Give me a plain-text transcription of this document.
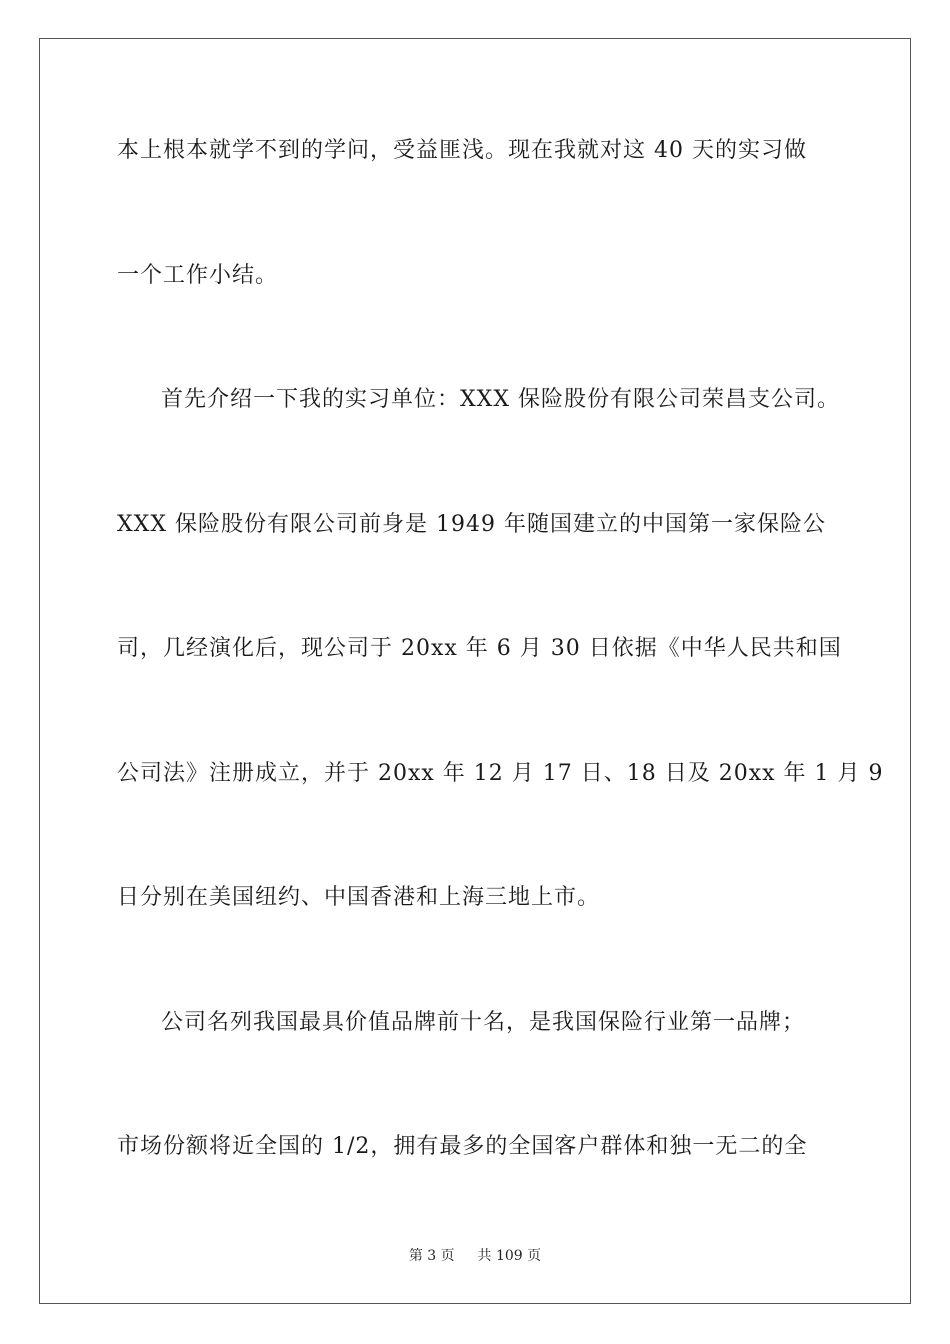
本上根本就学不到的学问，受益匪浅。现在我就对这 40 天的实习做
一个工作小结。
首先介绍一下我的实习单位：XXX 保险股份有限公司荣昌支公司。
XXX 保险股份有限公司前身是 1949 年随国建立的中国第一家保险公
司，几经演化后，现公司于 20xx 年 6 月 30 日依据《中华人民共和国
公司法》注册成立，并于 20xx 年 12 月 17 日、18 日及 20xx 年 1 月 9
日分别在美国纽约、中国香港和上海三地上市。
公司名列我国最具价值品牌前十名，是我国保险行业第一品牌；
市场份额将近全国的 1/2，拥有最多的全国客户群体和独一无二的全
第 3 页 共 109 页
